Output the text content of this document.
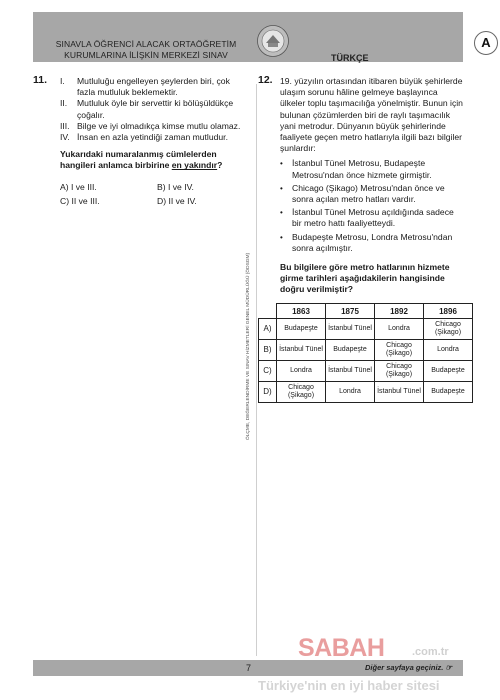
SINAVLA ÖĞRENCİ ALACAK ORTAÖĞRETİM
KURUMLARINA İLİŞKİN MERKEZİ SINAV	TÜRKÇE
A
11. I.	Mutluluğu engelleyen şeylerden biri, çok fazla mutluluk beklemektir.
II.	Mutluluk öyle bir servettir ki bölüşüldükçe çoğalır.
III. Bilge ve iyi olmadıkça kimse mutlu olamaz.
IV. İnsan en azla yetindiği zaman mutludur.
Yukarıdaki numaralanmış cümlelerden hangileri anlamca birbirine en yakındır?
A) I ve III.	B) I ve IV.
C) II ve III.	D) II ve IV.
ÖLÇME, DEĞERLENDİRME VE SINAV HİZMETLERİ GENEL MÜDÜRLÜĞÜ (ÖDSGM)
12. 19. yüzyılın ortasından itibaren büyük şehirlerde ulaşım sorunu hâline gelmeye başlayınca ülkeler toplu taşımacılığa yönelmiştir. Bunun için bulunan çözümlerden biri de raylı taşımacılık yani metrodur. Dünyanın büyük şehirlerinde faaliyete geçen metro hatlarıyla ilgili bazı bilgiler şunlardır:
•	İstanbul Tünel Metrosu, Budapeşte Metrosu'ndan önce hizmete girmiştir.
•	Chicago (Şikago) Metrosu'ndan önce ve sonra açılan metro hatları vardır.
•	İstanbul Tünel Metrosu açıldığında sadece bir metro hattı faaliyetteydi.
•	Budapeşte Metrosu, Londra Metrosu'ndan sonra açılmıştır.
Bu bilgilere göre metro hatlarının hizmete girme tarihleri aşağıdakilerin hangisinde doğru verilmiştir?
	1863	1875	1892	1896
A)	Budapeşte	İstanbul Tünel	Londra	Chicago (Şikago)
B)	İstanbul Tünel	Budapeşte	Chicago (Şikago)	Londra
C)	Londra	İstanbul Tünel	Chicago (Şikago)	Budapeşte
D)	Chicago (Şikago)	Londra	İstanbul Tünel	Budapeşte
SABAH	.com.tr
7	Diğer sayfaya geçiniz. ☞
Türkiye'nin en iyi haber sitesi
